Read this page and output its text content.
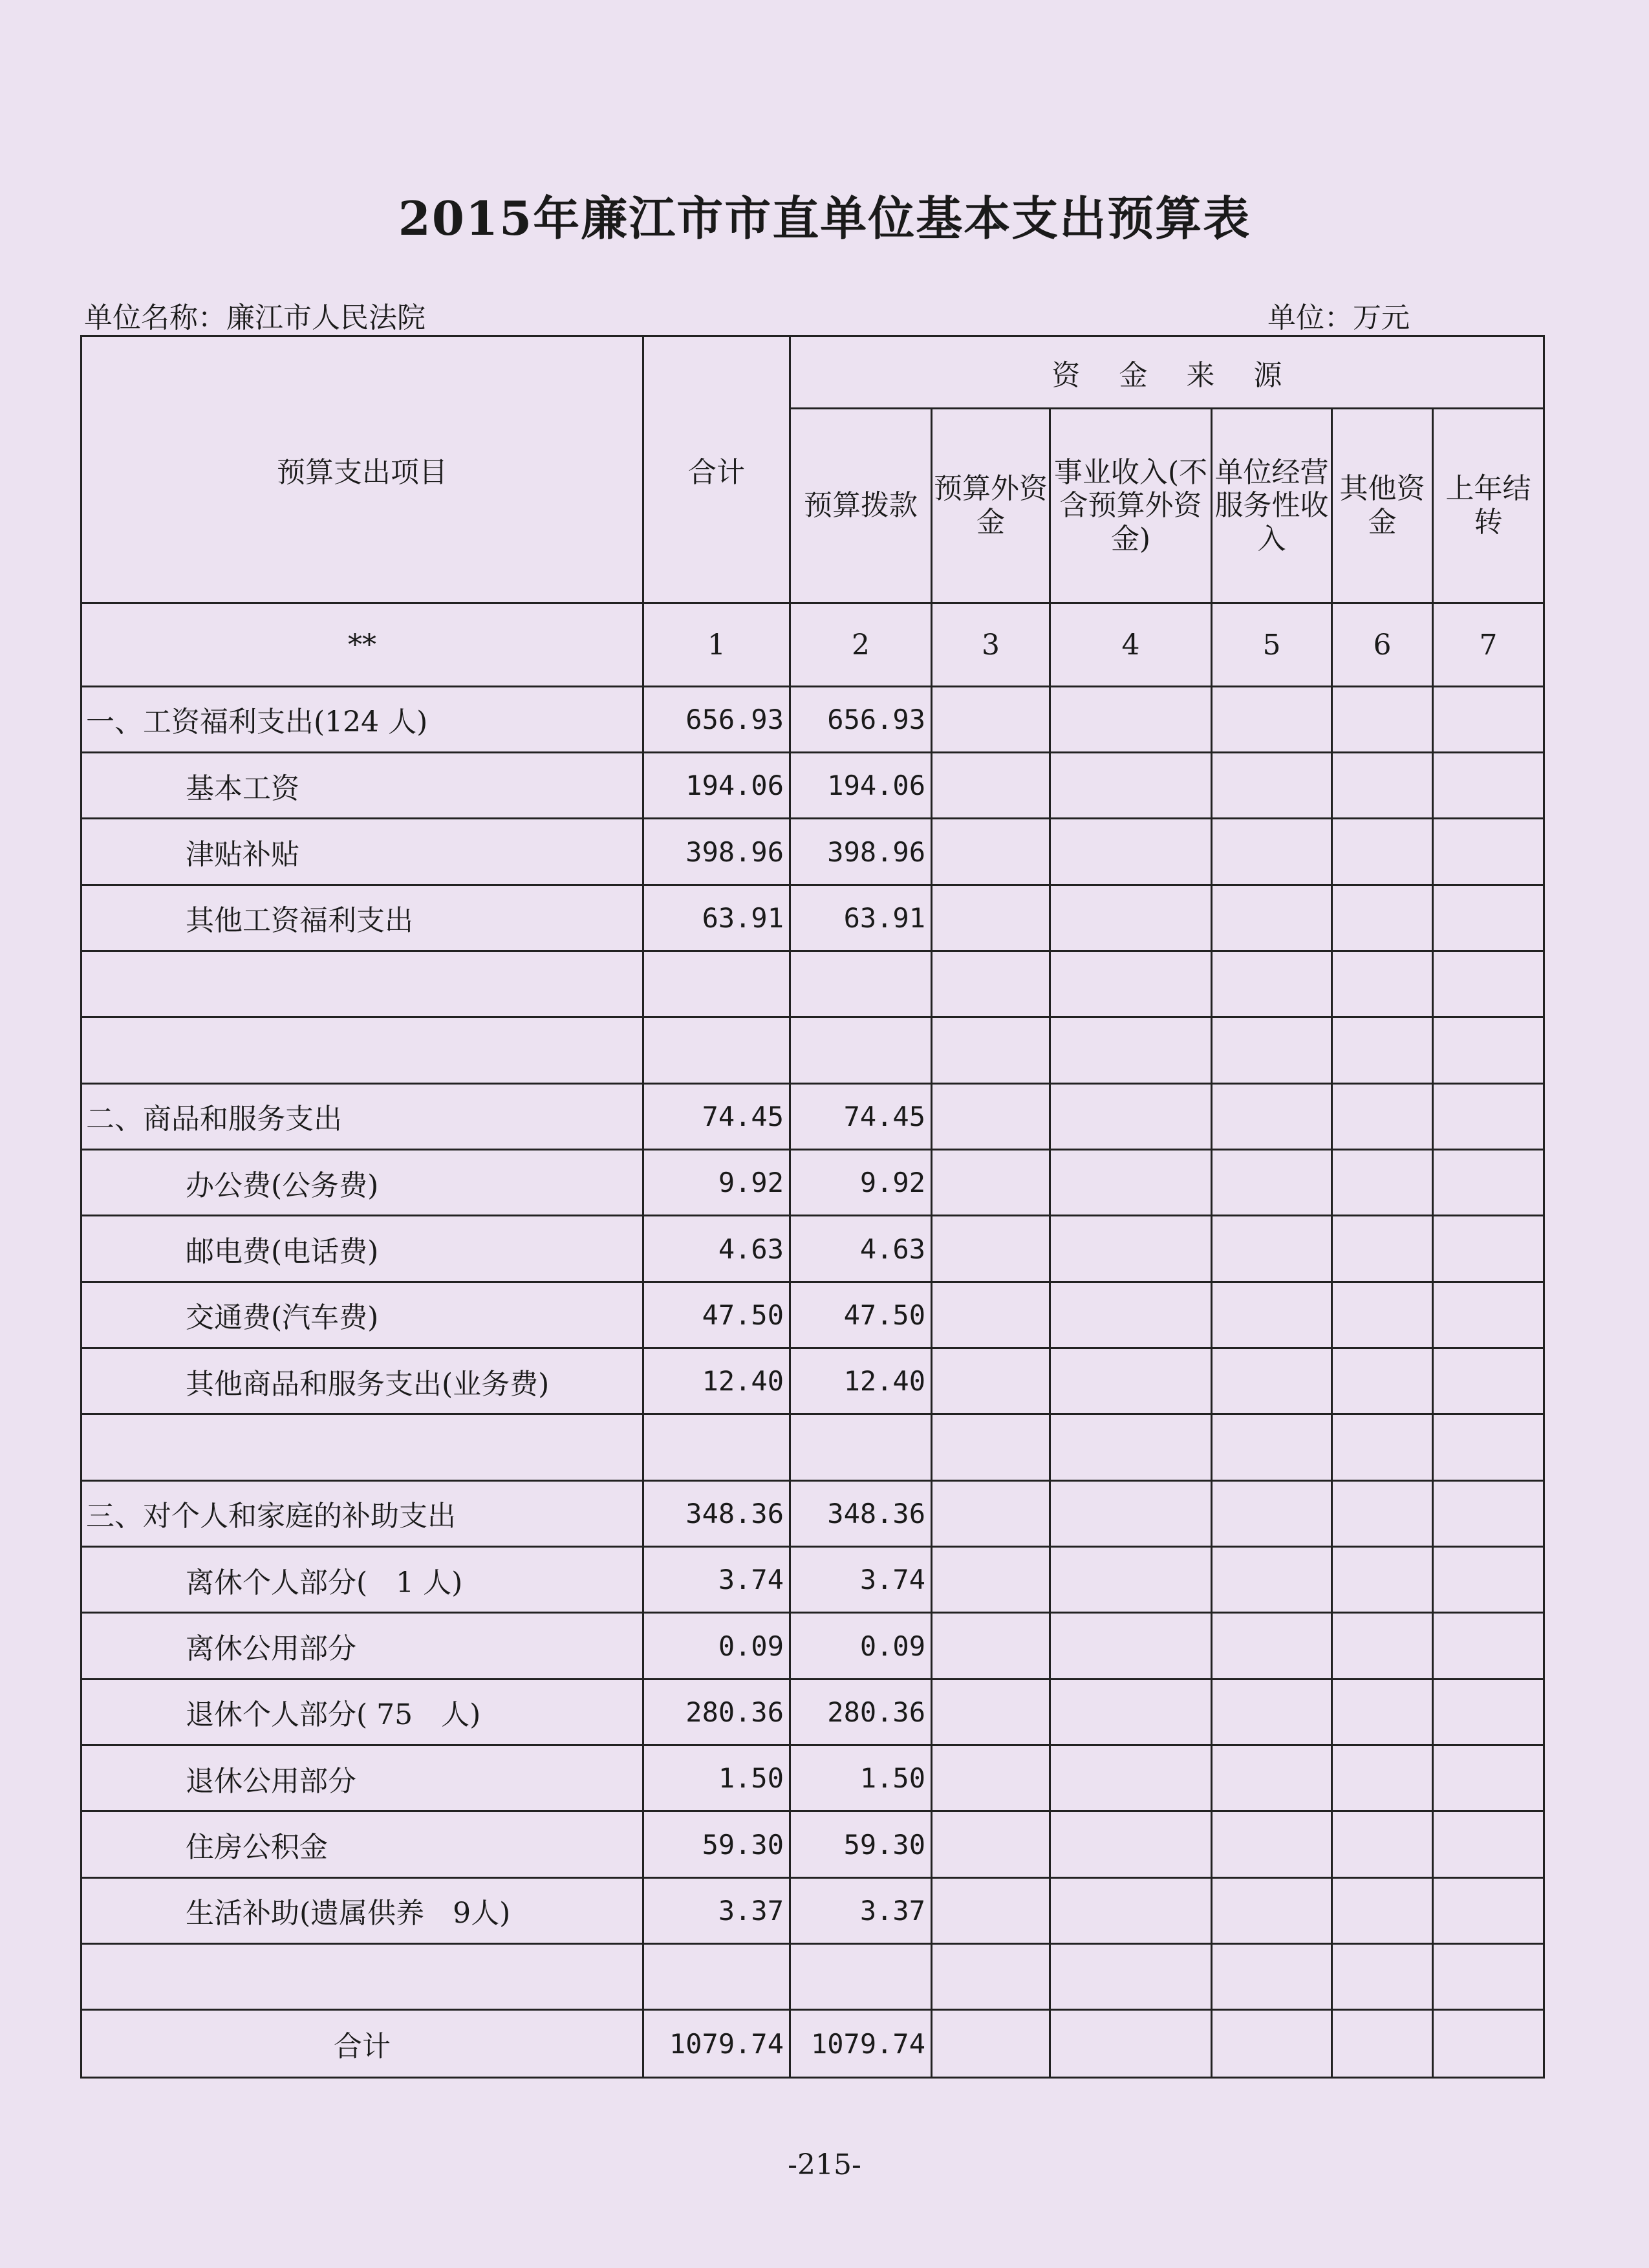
2015年廉江市市直单位基本支出预算表
单位名称：廉江市人民法院	单位：万元
预算支出项目	合计	资金来源					
		预算拨款	预算外资金	事业收入(不含预算外资金)	单位经营服务性收入	其他资金	上年结转
**	1	2	3	4	5	6	7
一、工资福利支出(124 人)	656.93	656.93					
基本工资	194.06	194.06					
津贴补贴	398.96	398.96					
其他工资福利支出	63.91	63.91					

二、商品和服务支出	74.45	74.45					
办公费(公务费)	9.92	9.92					
邮电费(电话费)	4.63	4.63					
交通费(汽车费)	47.50	47.50					
其他商品和服务支出(业务费)	12.40	12.40					

三、对个人和家庭的补助支出	348.36	348.36					
离休个人部分(　1 人)	3.74	3.74					
离休公用部分	0.09	0.09					
退休个人部分( 75　人)	280.36	280.36					
退休公用部分	1.50	1.50					
住房公积金	59.30	59.30					
生活补助(遗属供养　9人)	3.37	3.37					

合计	1079.74	1079.74					
-215-
